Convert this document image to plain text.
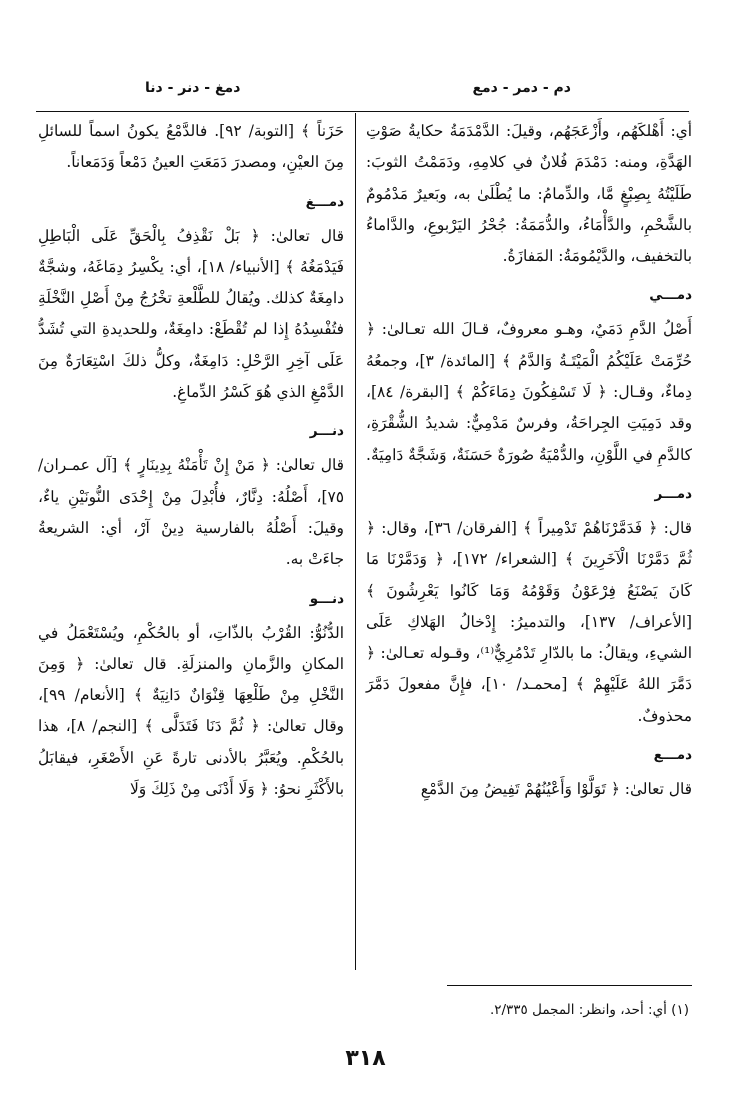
دم - دمر - دمع
دمغ - دنر - دنا

أي: أَهْلكَهُم، وأَزْعَجَهُم، وقيلَ: الدَّمْدَمَةُ حكايةُ صَوْتِ الهَدَّةِ، ومنه: دَمْدَمَ فُلانٌ في كلامِهِ، ودَمَمْتُ الثوبَ: طَلَيْتُهُ بِصِبْغٍ مَّا، والدِّمامُ: ما يُطْلَىٰ به، وبَعيرٌ مَدْمُومٌ بالشَّحْمِ، والدَّأْمَاءُ، والدُّمَمَةُ: جُحْرُ اليَرْبوعِ، والدَّاماءُ بالتخفيف، والدَّيْمُومَةُ: المَفازَةُ.

دمـــي

أَصْلُ الدَّمِ دَمَيٌ، وهـو معروفٌ، قـالَ الله تعـالىٰ: ﴿ حُرِّمَتْ عَلَيْكُمُ الْمَيْتَـةُ وَالدَّمُ ﴾ [المائدة/ ٣]، وجمعُهُ دِماءٌ، وقـال: ﴿ لَا تَسْفِكُونَ دِمَاءَكُمْ ﴾ [البقرة/ ٨٤]، وقد دَمِيَتِ الجِراحَةُ، وفرسٌ مَدْمِيٌّ: شديدُ الشُّقْرَةِ، كالدَّمِ في اللَّوْنِ، والدُّمْيَةُ صُورَةٌ حَسَنَةٌ، وَشَجَّةٌ دَامِيَةٌ.

دمـــر

قال: ﴿ فَدَمَّرْنَاهُمْ تَدْمِيراً ﴾ [الفرقان/ ٣٦]، وقال: ﴿ ثُمَّ دَمَّرْنَا الْآخَرِينَ ﴾ [الشعراء/ ١٧٢]، ﴿ وَدَمَّرْنَا مَا كَانَ يَصْنَعُ فِرْعَوْنُ وَقَوْمُهُ وَمَا كَانُوا يَعْرِشُونَ ﴾ [الأعراف/ ١٣٧]، والتدميرُ: إِدْخالُ الهَلاكِ عَلَى الشيءِ، ويقالُ: ما بالدّارِ تَدْمُرِيٌّ⁽¹⁾، وقـوله تعـالىٰ: ﴿ دَمَّرَ اللهُ عَلَيْهِمْ ﴾ [محمـد/ ١٠]، فإِنَّ مفعولَ دَمَّرَ محذوفٌ.

دمـــع

قال تعالىٰ: ﴿ تَوَلَّوْا وَأَعْيُنُهُمْ تَفِيضُ مِنَ الدَّمْعِ

حَزَناً ﴾ [التوبة/ ٩٢]. فالدَّمْعُ يكونُ اسماً للسائلِ مِنَ العيْنِ، ومصدرَ دَمَعَتِ العينُ دَمْعاً وَدَمَعاناً.

دمـــغ

قال تعالىٰ: ﴿ بَلْ نَقْذِفُ بِالْحَقِّ عَلَى الْبَاطِلِ فَيَدْمَغُهُ ﴾ [الأنبياء/ ١٨]، أي: يكْسِرُ دِمَاغَهُ، وشجَّةٌ دامِغَةٌ كذلك. ويُقالُ للطَّلْعةِ تخْرُجُ مِنْ أَصْلِ النَّخْلَةِ فتُفْسِدُهُ إِذا لم تُقْطَعْ: دامِغَةٌ، وللحديدةِ التي تُشَدُّ عَلَى آخِرِ الرَّحْلِ: دَامِغَةٌ، وكلُّ ذلكَ اسْتِعَارَةٌ مِنَ الدَّمْغِ الذي هُوَ كَسْرُ الدِّماغِ.

دنـــر

قال تعالىٰ: ﴿ مَنْ إِنْ تَأْمَنْهُ بِدِينَارٍ ﴾ [آل عمـران/ ٧٥]، أَصْلُهُ: دِنَّارٌ، فأُبْدِلَ مِنْ إِحْدَى النُّونَيْنِ ياءٌ، وقيلَ: أَصْلُهُ بالفارسية دِينْ آرْ، أي: الشريعةُ جاءَتْ به.

دنـــو

الدُّنُوُّ: القُرْبُ بالذّاتِ، أو بالحُكْمِ، ويُسْتَعْمَلُ في المكانِ والزَّمانِ والمنزلَةِ. قال تعالىٰ: ﴿ وَمِنَ النَّخْلِ مِنْ طَلْعِهَا قِنْوَانٌ دَانِيَةٌ ﴾ [الأنعام/ ٩٩]، وقال تعالىٰ: ﴿ ثُمَّ دَنَا فَتَدَلَّى ﴾ [النجم/ ٨]، هذا بالحُكْمِ. ويُعَبَّرُ بالأدنى تارةً عَنِ الأَصْغَرِ، فيقابَلُ بالأَكْثَرِ نحوُ: ﴿ وَلَا أَدْنَى مِنْ ذَلِكَ وَلَا

(١) أي: أحد، وانظر: المجمل ٢/٣٣٥.
٣١٨
